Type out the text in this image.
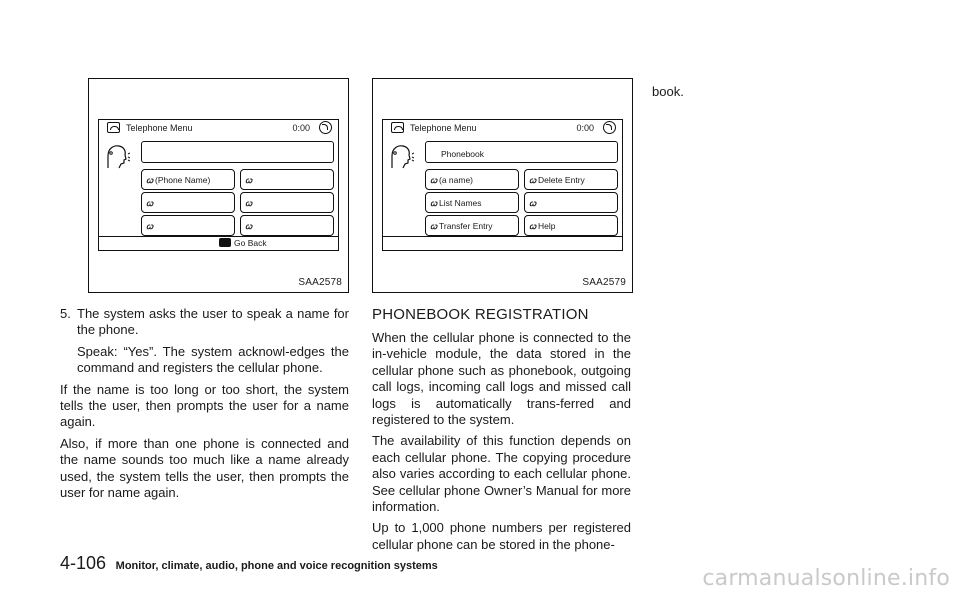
Telephone Menu	0:00
ꞷ (Phone Name)	ꞷ
ꞷ	ꞷ
ꞷ	ꞷ
Go Back
SAA2578
Telephone Menu	0:00
Phonebook
ꞷ (a name)	ꞷ Delete Entry
ꞷ List Names	ꞷ
ꞷ Transfer Entry	ꞷ Help
SAA2579
5. The system asks the user to speak a name for the phone.

Speak: “Yes”. The system acknowl-edges the command and registers the cellular phone.

If the name is too long or too short, the system tells the user, then prompts the user for a name again.

Also, if more than one phone is connected and the name sounds too much like a name already used, the system tells the user, then prompts the user for name again.

PHONEBOOK REGISTRATION

When the cellular phone is connected to the in-vehicle module, the data stored in the cellular phone such as phonebook, outgoing call logs, incoming call logs and missed call logs is automatically trans-ferred and registered to the system.

The availability of this function depends on each cellular phone. The copying procedure also varies according to each cellular phone. See cellular phone Owner’s Manual for more information.

Up to 1,000 phone numbers per registered cellular phone can be stored in the phone-

book.
4-106 Monitor, climate, audio, phone and voice recognition systems	carmanualsonline.info
